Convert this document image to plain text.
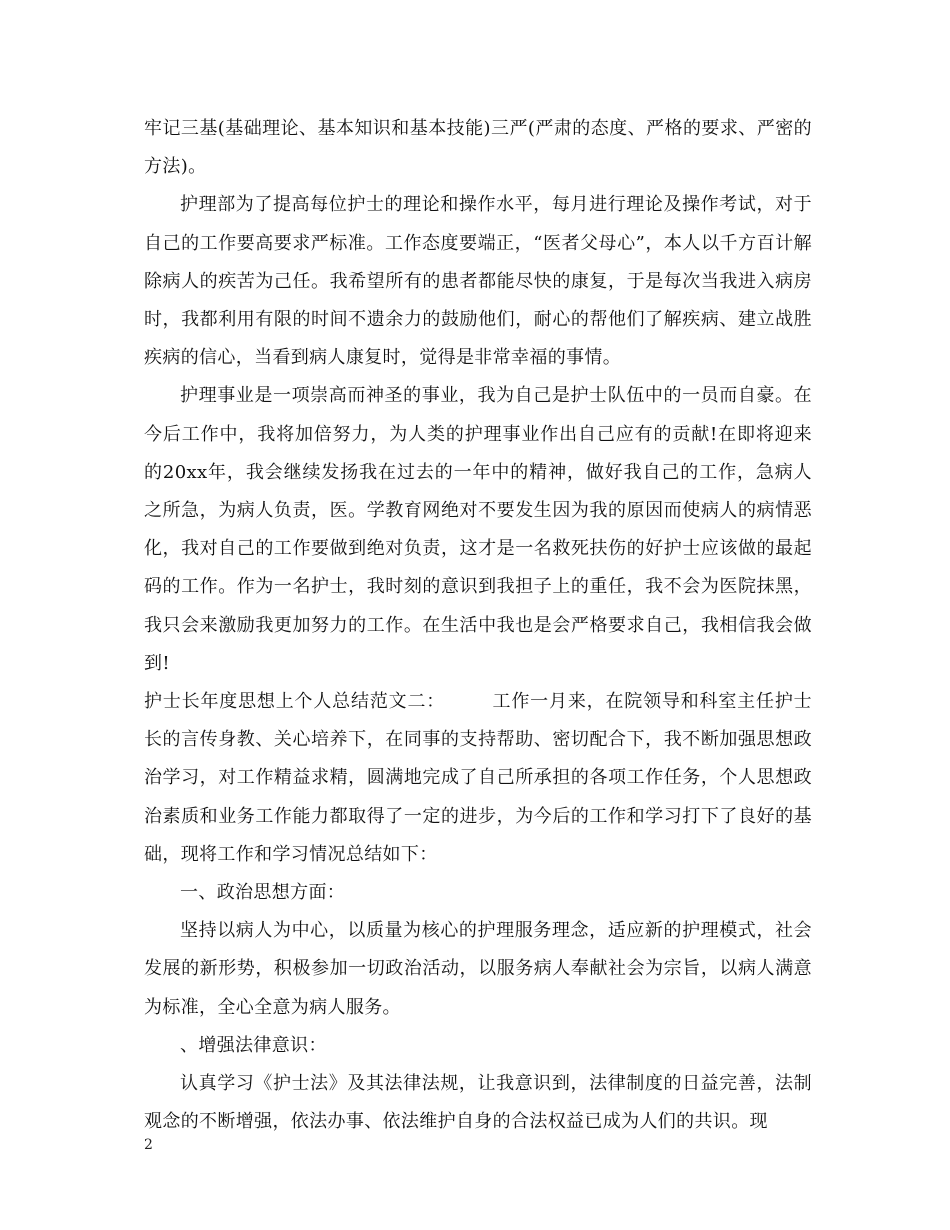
牢记三基(基础理论、基本知识和基本技能)三严(严肃的态度、严格的要求、严密的方法)。

护理部为了提高每位护士的理论和操作水平，每月进行理论及操作考试，对于自己的工作要高要求严标准。工作态度要端正，“医者父母心”，本人以千方百计解除病人的疾苦为己任。我希望所有的患者都能尽快的康复，于是每次当我进入病房时，我都利用有限的时间不遗余力的鼓励他们，耐心的帮他们了解疾病、建立战胜疾病的信心，当看到病人康复时，觉得是非常幸福的事情。

护理事业是一项崇高而神圣的事业，我为自己是护士队伍中的一员而自豪。在今后工作中，我将加倍努力，为人类的护理事业作出自己应有的贡献!在即将迎来的20xx年，我会继续发扬我在过去的一年中的精神，做好我自己的工作，急病人之所急，为病人负责，医。学教育网绝对不要发生因为我的原因而使病人的病情恶化，我对自己的工作要做到绝对负责，这才是一名救死扶伤的好护士应该做的最起码的工作。作为一名护士，我时刻的意识到我担子上的重任，我不会为医院抹黑，我只会来激励我更加努力的工作。在生活中我也是会严格要求自己，我相信我会做到!

护士长年度思想上个人总结范文二：　　　工作一月来，在院领导和科室主任护士长的言传身教、关心培养下，在同事的支持帮助、密切配合下，我不断加强思想政治学习，对工作精益求精，圆满地完成了自己所承担的各项工作任务，个人思想政治素质和业务工作能力都取得了一定的进步，为今后的工作和学习打下了良好的基础，现将工作和学习情况总结如下：

一、政治思想方面：

坚持以病人为中心，以质量为核心的护理服务理念，适应新的护理模式，社会发展的新形势，积极参加一切政治活动，以服务病人奉献社会为宗旨，以病人满意为标准，全心全意为病人服务。

、增强法律意识：

认真学习《护士法》及其法律法规，让我意识到，法律制度的日益完善，法制观念的不断增强，依法办事、依法维护自身的合法权益已成为人们的共识。现

2
